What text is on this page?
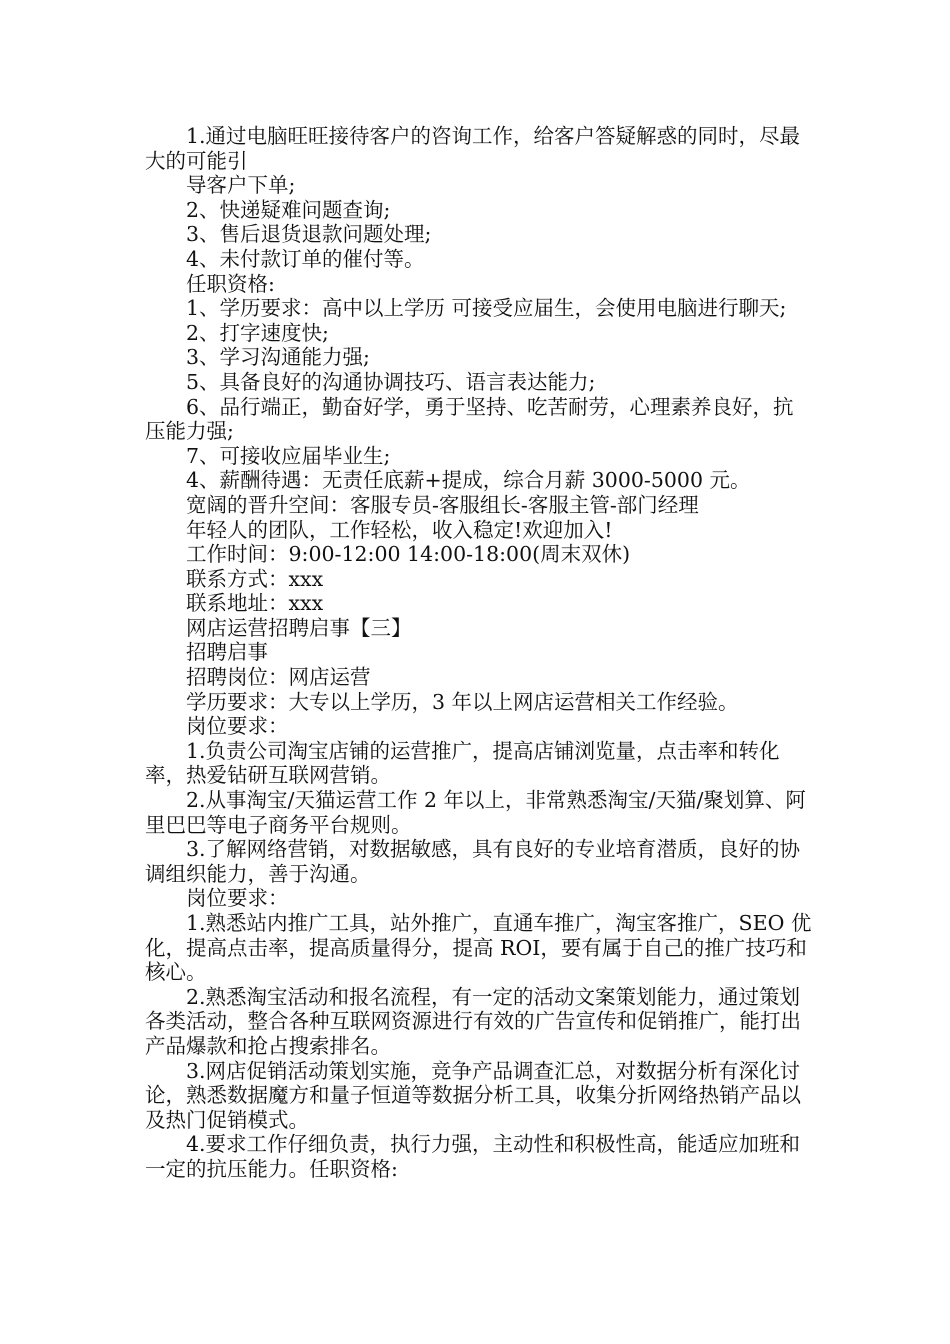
1.通过电脑旺旺接待客户的咨询工作，给客户答疑解惑的同时，尽最大的可能引

导客户下单;

2、快递疑难问题查询;

3、售后退货退款问题处理;

4、未付款订单的催付等。

任职资格:

1、学历要求：高中以上学历 可接受应届生，会使用电脑进行聊天;

2、打字速度快;

3、学习沟通能力强;

5、具备良好的沟通协调技巧、语言表达能力;

6、品行端正，勤奋好学，勇于坚持、吃苦耐劳，心理素养良好，抗压能力强;

7、可接收应届毕业生;

4、薪酬待遇：无责任底薪+提成，综合月薪 3000-5000 元。

宽阔的晋升空间：客服专员-客服组长-客服主管-部门经理

年轻人的团队，工作轻松，收入稳定!欢迎加入!

工作时间：9:00-12:00 14:00-18:00(周末双休)

联系方式：xxx

联系地址：xxx

网店运营招聘启事【三】

招聘启事

招聘岗位：网店运营

学历要求：大专以上学历，3 年以上网店运营相关工作经验。

岗位要求：

1.负责公司淘宝店铺的运营推广，提高店铺浏览量，点击率和转化率，热爱钻研互联网营销。

2.从事淘宝/天猫运营工作 2 年以上，非常熟悉淘宝/天猫/聚划算、阿里巴巴等电子商务平台规则。

3.了解网络营销，对数据敏感，具有良好的专业培育潜质，良好的协调组织能力，善于沟通。

岗位要求：

1.熟悉站内推广工具，站外推广，直通车推广，淘宝客推广，SEO 优化，提高点击率，提高质量得分，提高 ROI，要有属于自己的推广技巧和核心。

2.熟悉淘宝活动和报名流程，有一定的活动文案策划能力，通过策划各类活动，整合各种互联网资源进行有效的广告宣传和促销推广，能打出产品爆款和抢占搜索排名。

3.网店促销活动策划实施，竞争产品调查汇总，对数据分析有深化讨论，熟悉数据魔方和量子恒道等数据分析工具，收集分折网络热销产品以及热门促销模式。

4.要求工作仔细负责，执行力强，主动性和积极性高，能适应加班和一定的抗压能力。任职资格:
